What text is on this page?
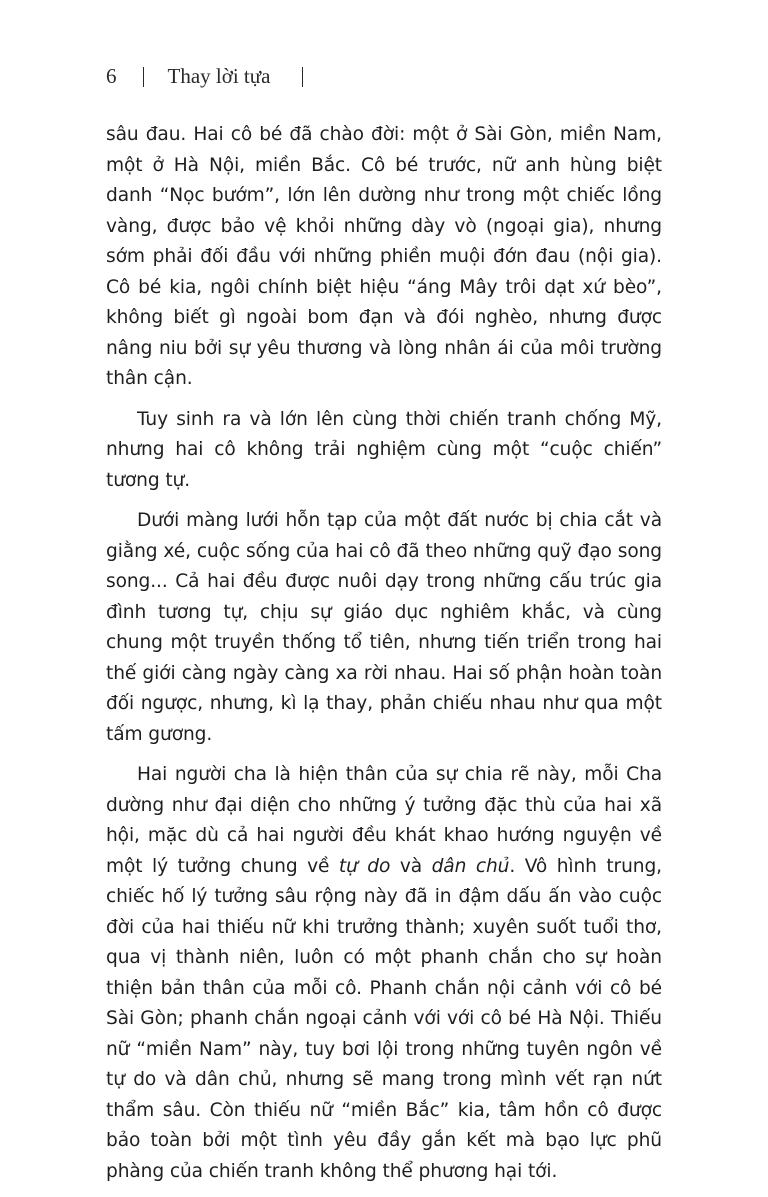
6 Thay lời tựa

sâu đau. Hai cô bé đã chào đời: một ở Sài Gòn, miền Nam, một ở Hà Nội, miền Bắc. Cô bé trước, nữ anh hùng biệt danh “Nọc bướm”, lớn lên dường như trong một chiếc lồng vàng, được bảo vệ khỏi những dày vò (ngoại gia), nhưng sớm phải đối đầu với những phiền muội đớn đau (nội gia). Cô bé kia, ngôi chính biệt hiệu “áng Mây trôi dạt xứ bèo”, không biết gì ngoài bom đạn và đói nghèo, nhưng được nâng niu bởi sự yêu thương và lòng nhân ái của môi trường thân cận.

Tuy sinh ra và lớn lên cùng thời chiến tranh chống Mỹ, nhưng hai cô không trải nghiệm cùng một “cuộc chiến” tương tự.

Dưới màng lưới hỗn tạp của một đất nước bị chia cắt và giằng xé, cuộc sống của hai cô đã theo những quỹ đạo song song... Cả hai đều được nuôi dạy trong những cấu trúc gia đình tương tự, chịu sự giáo dục nghiêm khắc, và cùng chung một truyền thống tổ tiên, nhưng tiến triển trong hai thế giới càng ngày càng xa rời nhau. Hai số phận hoàn toàn đối ngược, nhưng, kì lạ thay, phản chiếu nhau như qua một tấm gương.

Hai người cha là hiện thân của sự chia rẽ này, mỗi Cha dường như đại diện cho những ý tưởng đặc thù của hai xã hội, mặc dù cả hai người đều khát khao hướng nguyện về một lý tưởng chung về tự do và dân chủ. Vô hình trung, chiếc hố lý tưởng sâu rộng này đã in đậm dấu ấn vào cuộc đời của hai thiếu nữ khi trưởng thành; xuyên suốt tuổi thơ, qua vị thành niên, luôn có một phanh chắn cho sự hoàn thiện bản thân của mỗi cô. Phanh chắn nội cảnh với cô bé Sài Gòn; phanh chắn ngoại cảnh với với cô bé Hà Nội. Thiếu nữ “miền Nam” này, tuy bơi lội trong những tuyên ngôn về tự do và dân chủ, nhưng sẽ mang trong mình vết rạn nứt thẩm sâu. Còn thiếu nữ “miền Bắc” kia, tâm hồn cô được bảo toàn bởi một tình yêu đầy gắn kết mà bạo lực phũ phàng của chiến tranh không thể phương hại tới.
